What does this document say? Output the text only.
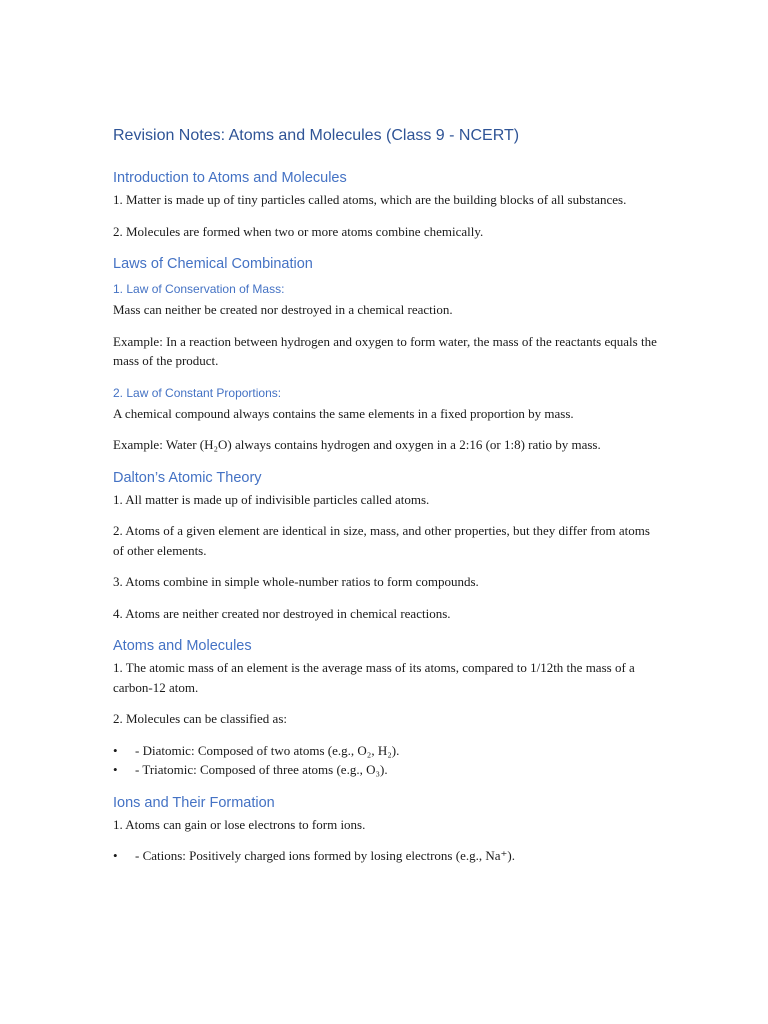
Revision Notes: Atoms and Molecules (Class 9 - NCERT)
Introduction to Atoms and Molecules

1. Matter is made up of tiny particles called atoms, which are the building blocks of all substances.

2. Molecules are formed when two or more atoms combine chemically.

Laws of Chemical Combination
1. Law of Conservation of Mass:

Mass can neither be created nor destroyed in a chemical reaction.

Example: In a reaction between hydrogen and oxygen to form water, the mass of the reactants equals the mass of the product.

2. Law of Constant Proportions:

A chemical compound always contains the same elements in a fixed proportion by mass.

Example: Water (H₂O) always contains hydrogen and oxygen in a 2:16 (or 1:8) ratio by mass.

Dalton’s Atomic Theory

1. All matter is made up of indivisible particles called atoms.

2. Atoms of a given element are identical in size, mass, and other properties, but they differ from atoms of other elements.

3. Atoms combine in simple whole-number ratios to form compounds.

4. Atoms are neither created nor destroyed in chemical reactions.

Atoms and Molecules

1. The atomic mass of an element is the average mass of its atoms, compared to 1/12th the mass of a carbon-12 atom.

2. Molecules can be classified as:

• - Diatomic: Composed of two atoms (e.g., O₂, H₂).
• - Triatomic: Composed of three atoms (e.g., O₃).
Ions and Their Formation

1. Atoms can gain or lose electrons to form ions.

• - Cations: Positively charged ions formed by losing electrons (e.g., Na⁺).
